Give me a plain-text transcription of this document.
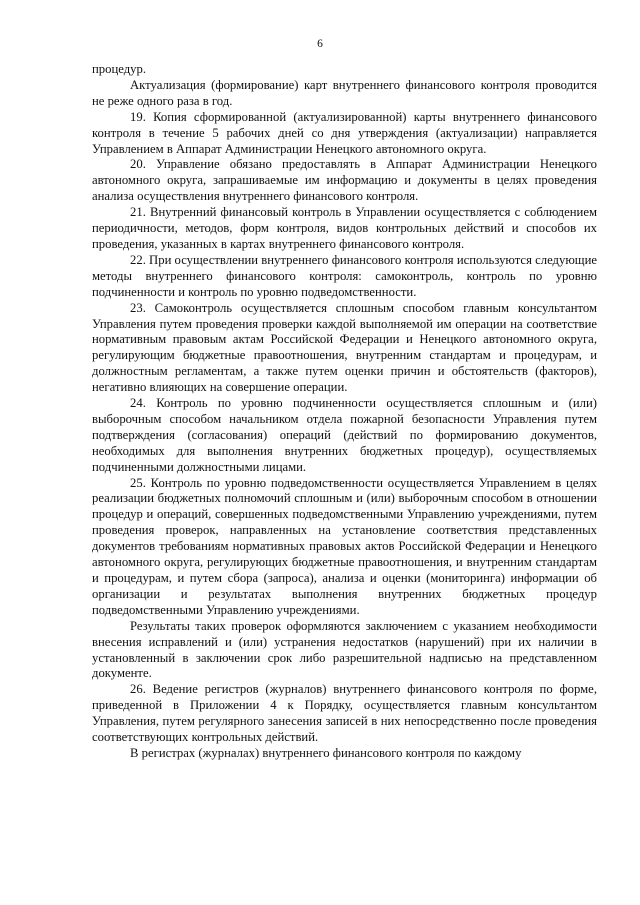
6

процедур.

Актуализация (формирование) карт внутреннего финансового контроля проводится не реже одного раза в год.

19. Копия сформированной (актуализированной) карты внутреннего финансового контроля в течение 5 рабочих дней со дня утверждения (актуализации) направляется Управлением в Аппарат Администрации Ненецкого автономного округа.

20. Управление обязано предоставлять в Аппарат Администрации Ненецкого автономного округа, запрашиваемые им информацию и документы в целях проведения анализа осуществления внутреннего финансового контроля.

21. Внутренний финансовый контроль в Управлении осуществляется с соблюдением периодичности, методов, форм контроля, видов контрольных действий и способов их проведения, указанных в картах внутреннего финансового контроля.

22. При осуществлении внутреннего финансового контроля используются следующие методы внутреннего финансового контроля: самоконтроль, контроль по уровню подчиненности и контроль по уровню подведомственности.

23. Самоконтроль осуществляется сплошным способом главным консультантом Управления путем проведения проверки каждой выполняемой им операции на соответствие нормативным правовым актам Российской Федерации и Ненецкого автономного округа, регулирующим бюджетные правоотношения, внутренним стандартам и процедурам, и должностным регламентам, а также путем оценки причин и обстоятельств (факторов), негативно влияющих на совершение операции.

24. Контроль по уровню подчиненности осуществляется сплошным и (или) выборочным способом начальником отдела пожарной безопасности Управления путем подтверждения (согласования) операций (действий по формированию документов, необходимых для выполнения внутренних бюджетных процедур), осуществляемых подчиненными должностными лицами.

25. Контроль по уровню подведомственности осуществляется Управлением в целях реализации бюджетных полномочий сплошным и (или) выборочным способом в отношении процедур и операций, совершенных подведомственными Управлению учреждениями, путем проведения проверок, направленных на установление соответствия представленных документов требованиям нормативных правовых актов Российской Федерации и Ненецкого автономного округа, регулирующих бюджетные правоотношения, и внутренним стандартам и процедурам, и путем сбора (запроса), анализа и оценки (мониторинга) информации об организации и результатах выполнения внутренних бюджетных процедур подведомственными Управлению учреждениями.

Результаты таких проверок оформляются заключением с указанием необходимости внесения исправлений и (или) устранения недостатков (нарушений) при их наличии в установленный в заключении срок либо разрешительной надписью на представленном документе.

26. Ведение регистров (журналов) внутреннего финансового контроля по форме, приведенной в Приложении 4 к Порядку, осуществляется главным консультантом Управления, путем регулярного занесения записей в них непосредственно после проведения соответствующих контрольных действий.

В регистрах (журналах) внутреннего финансового контроля по каждому
